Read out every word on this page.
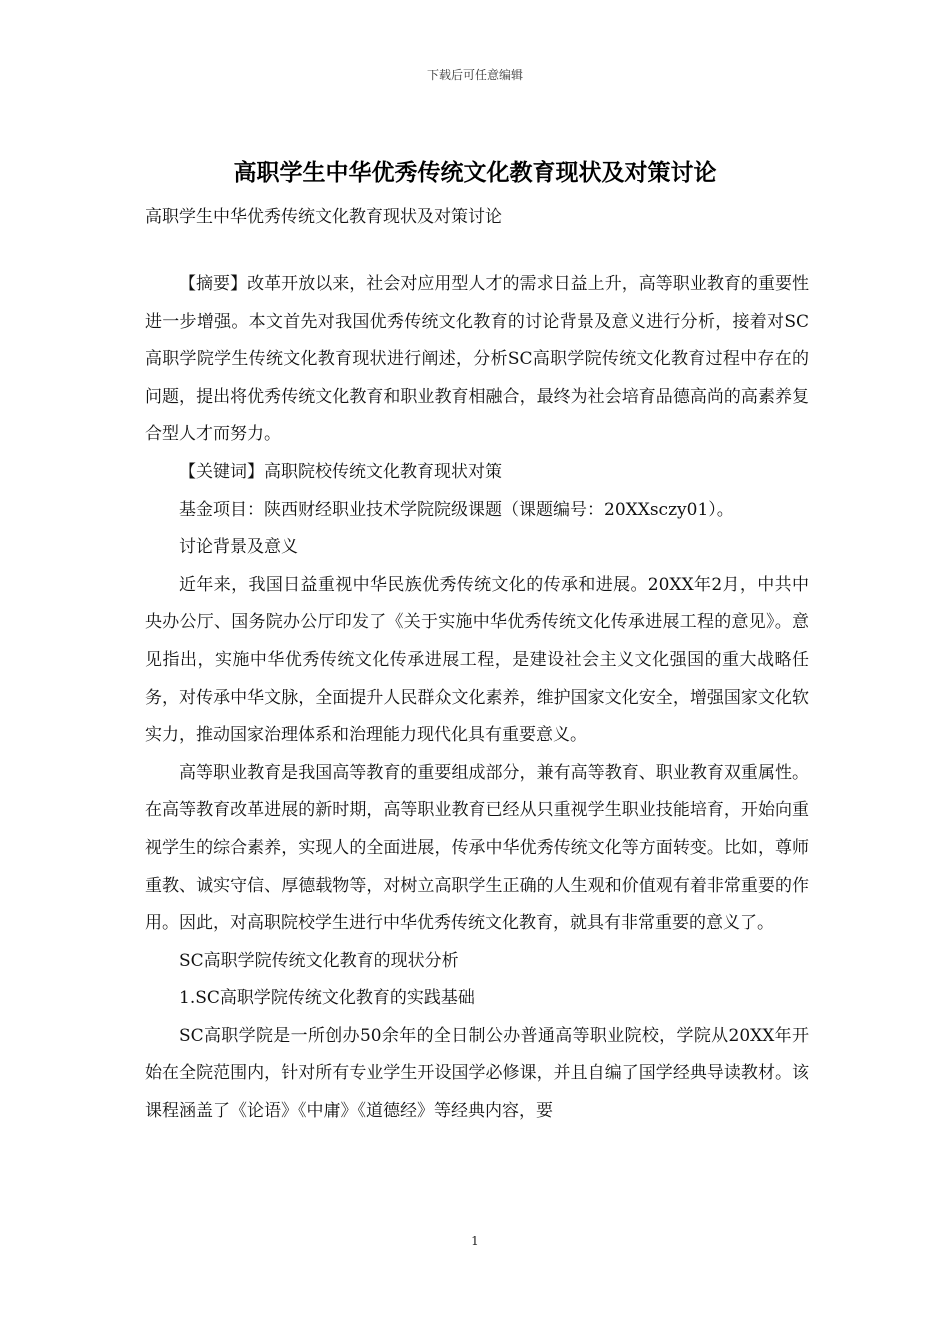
下载后可任意编辑
高职学生中华优秀传统文化教育现状及对策讨论
高职学生中华优秀传统文化教育现状及对策讨论

【摘要】改革开放以来，社会对应用型人才的需求日益上升，高等职业教育的重要性进一步增强。本文首先对我国优秀传统文化教育的讨论背景及意义进行分析，接着对SC高职学院学生传统文化教育现状进行阐述，分析SC高职学院传统文化教育过程中存在的问题，提出将优秀传统文化教育和职业教育相融合，最终为社会培育品德高尚的高素养复合型人才而努力。

【关键词】高职院校传统文化教育现状对策

基金项目：陕西财经职业技术学院院级课题（课题编号：20XXsczy01）。

讨论背景及意义

近年来，我国日益重视中华民族优秀传统文化的传承和进展。20XX年2月，中共中央办公厅、国务院办公厅印发了《关于实施中华优秀传统文化传承进展工程的意见》。意见指出，实施中华优秀传统文化传承进展工程，是建设社会主义文化强国的重大战略任务，对传承中华文脉，全面提升人民群众文化素养，维护国家文化安全，增强国家文化软实力，推动国家治理体系和治理能力现代化具有重要意义。

高等职业教育是我国高等教育的重要组成部分，兼有高等教育、职业教育双重属性。在高等教育改革进展的新时期，高等职业教育已经从只重视学生职业技能培育，开始向重视学生的综合素养，实现人的全面进展，传承中华优秀传统文化等方面转变。比如，尊师重教、诚实守信、厚德载物等，对树立高职学生正确的人生观和价值观有着非常重要的作用。因此，对高职院校学生进行中华优秀传统文化教育，就具有非常重要的意义了。

SC高职学院传统文化教育的现状分析

1.SC高职学院传统文化教育的实践基础

SC高职学院是一所创办50余年的全日制公办普通高等职业院校，学院从20XX年开始在全院范围内，针对所有专业学生开设国学必修课，并且自编了国学经典导读教材。该课程涵盖了《论语》《中庸》《道德经》等经典内容，要

1
